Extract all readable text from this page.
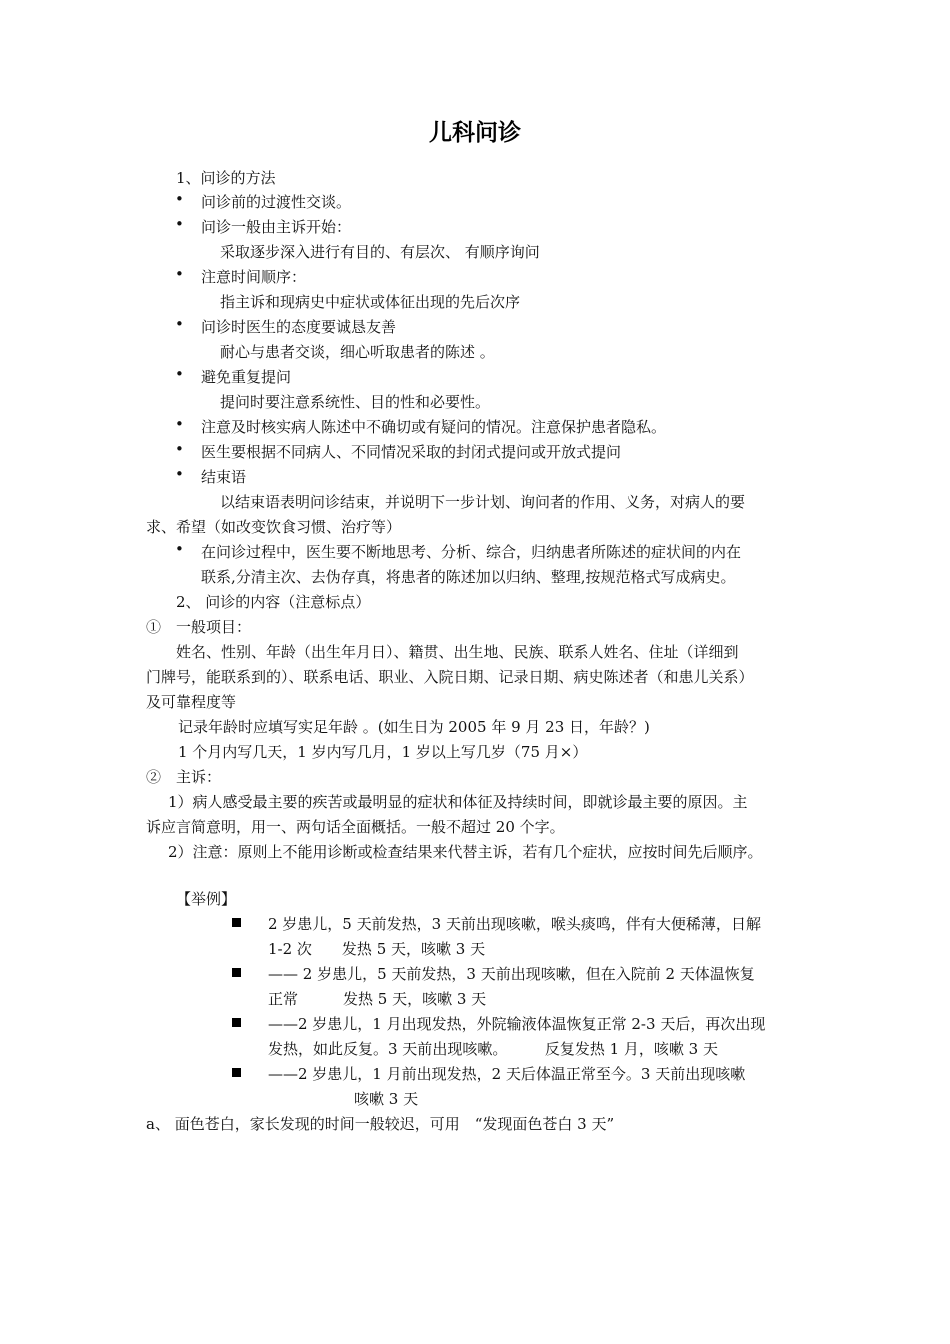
儿科问诊
1、问诊的方法
• 问诊前的过渡性交谈。
• 问诊一般由主诉开始：
采取逐步深入进行有目的、有层次、 有顺序询问
• 注意时间顺序：
指主诉和现病史中症状或体征出现的先后次序
• 问诊时医生的态度要诚恳友善
耐心与患者交谈，细心听取患者的陈述 。
• 避免重复提问
提问时要注意系统性、目的性和必要性。
• 注意及时核实病人陈述中不确切或有疑问的情况。注意保护患者隐私。
• 医生要根据不同病人、不同情况采取的封闭式提问或开放式提问
• 结束语
以结束语表明问诊结束，并说明下一步计划、询问者的作用、义务，对病人的要
求、希望（如改变饮食习惯、治疗等）
• 在问诊过程中，医生要不断地思考、分析、综合，归纳患者所陈述的症状间的内在
联系,分清主次、去伪存真，将患者的陈述加以归纳、整理,按规范格式写成病史。
2、 问诊的内容（注意标点）
①　一般项目：
姓名、性别、年龄（出生年月日）、籍贯、出生地、民族、联系人姓名、住址（详细到
门牌号，能联系到的）、联系电话、职业、入院日期、记录日期、病史陈述者（和患儿关系）
及可靠程度等
记录年龄时应填写实足年龄 。(如生日为 2005 年 9 月 23 日，年龄？)
1 个月内写几天，1 岁内写几月，1 岁以上写几岁（75 月×）
②　主诉：
1）病人感受最主要的疾苦或最明显的症状和体征及持续时间，即就诊最主要的原因。主
诉应言简意明，用一、两句话全面概括。一般不超过 20 个字。
2）注意：原则上不能用诊断或检查结果来代替主诉，若有几个症状，应按时间先后顺序。
【举例】
2 岁患儿，5 天前发热，3 天前出现咳嗽，喉头痰鸣，伴有大便稀薄，日解
1-2 次　　发热 5 天，咳嗽 3 天
—— 2 岁患儿，5 天前发热，3 天前出现咳嗽，但在入院前 2 天体温恢复
正常　　　发热 5 天，咳嗽 3 天
——2 岁患儿，1 月出现发热，外院输液体温恢复正常 2-3 天后，再次出现
发热，如此反复。3 天前出现咳嗽。　　　反复发热 1 月，咳嗽 3 天
——2 岁患儿，1 月前出现发热，2 天后体温正常至今。3 天前出现咳嗽
咳嗽 3 天
a、 面色苍白，家长发现的时间一般较迟，可用　“发现面色苍白 3 天”
